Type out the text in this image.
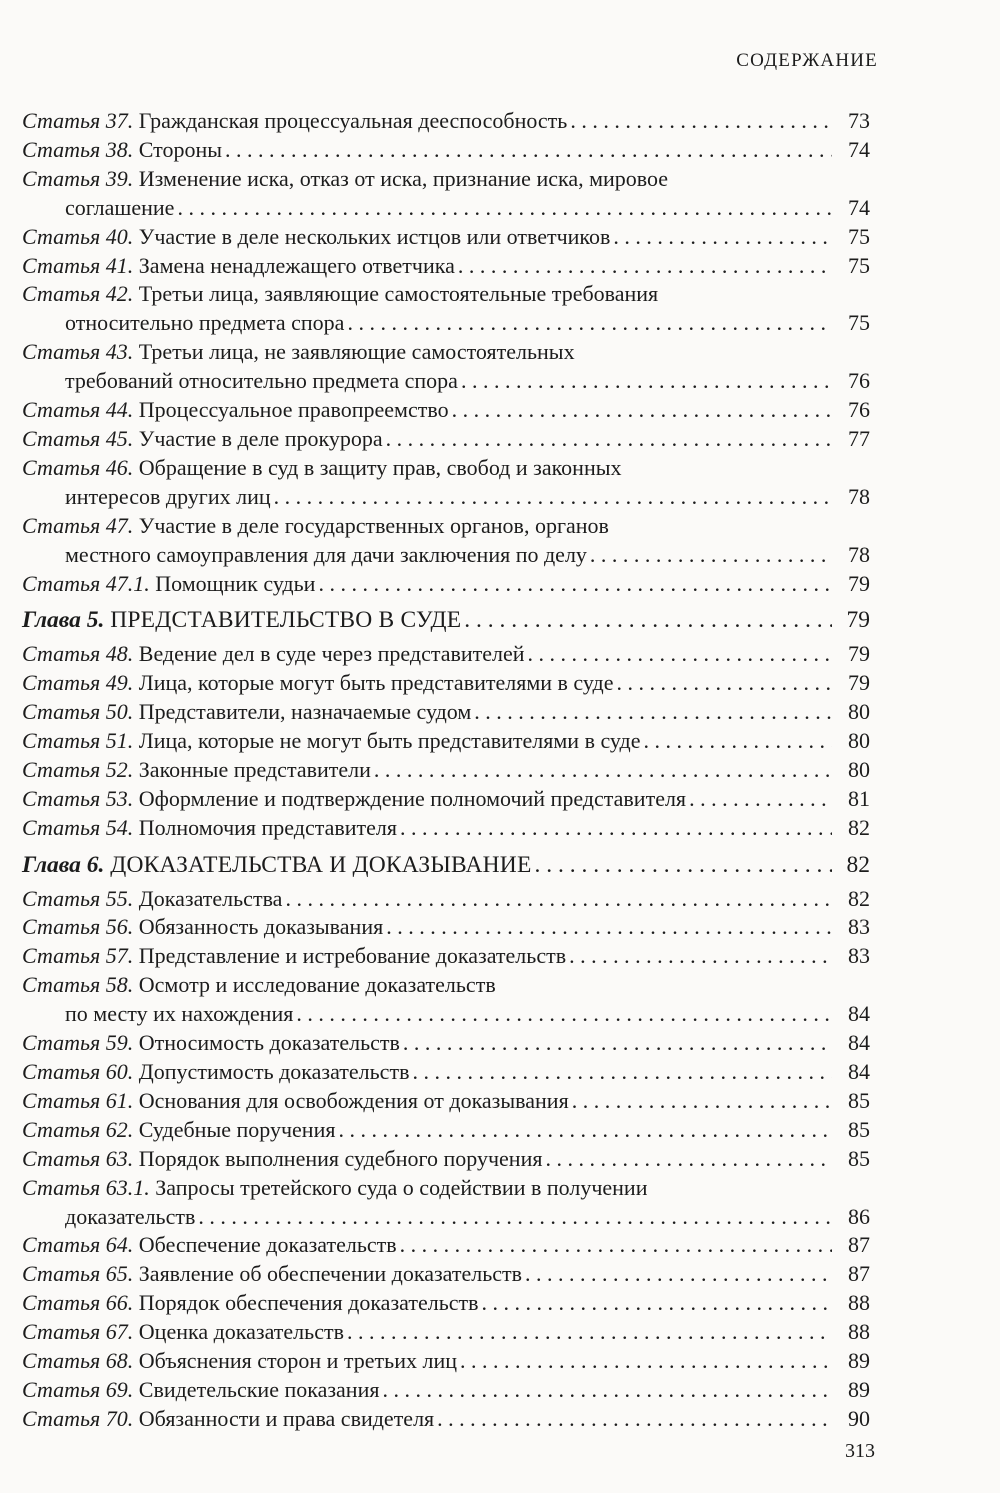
СОДЕРЖАНИЕ
Статья 37. Гражданская процессуальная дееспособность . . .	73
Статья 38. Стороны . . .	74
Статья 39. Изменение иска, отказ от иска, признание иска, мировое
соглашение . . .	74
Статья 40. Участие в деле нескольких истцов или ответчиков . . .	75
Статья 41. Замена ненадлежащего ответчика . . .	75
Статья 42. Третьи лица, заявляющие самостоятельные требования
относительно предмета спора . . .	75
Статья 43. Третьи лица, не заявляющие самостоятельных
требований относительно предмета спора . . .	76
Статья 44. Процессуальное правопреемство . . .	76
Статья 45. Участие в деле прокурора . . .	77
Статья 46. Обращение в суд в защиту прав, свобод и законных
интересов других лиц . . .	78
Статья 47. Участие в деле государственных органов, органов
местного самоуправления для дачи заключения по делу . . .	78
Статья 47.1. Помощник судьи . . .	79
Глава 5. ПРЕДСТАВИТЕЛЬСТВО В СУДЕ . . .	79
Статья 48. Ведение дел в суде через представителей . . .	79
Статья 49. Лица, которые могут быть представителями в суде . . .	79
Статья 50. Представители, назначаемые судом . . .	80
Статья 51. Лица, которые не могут быть представителями в суде . . .	80
Статья 52. Законные представители . . .	80
Статья 53. Оформление и подтверждение полномочий представителя . . .	81
Статья 54. Полномочия представителя . . .	82
Глава 6. ДОКАЗАТЕЛЬСТВА И ДОКАЗЫВАНИЕ . . .	82
Статья 55. Доказательства . . .	82
Статья 56. Обязанность доказывания . . .	83
Статья 57. Представление и истребование доказательств . . .	83
Статья 58. Осмотр и исследование доказательств
по месту их нахождения . . .	84
Статья 59. Относимость доказательств . . .	84
Статья 60. Допустимость доказательств . . .	84
Статья 61. Основания для освобождения от доказывания . . .	85
Статья 62. Судебные поручения . . .	85
Статья 63. Порядок выполнения судебного поручения . . .	85
Статья 63.1. Запросы третейского суда о содействии в получении
доказательств . . .	86
Статья 64. Обеспечение доказательств . . .	87
Статья 65. Заявление об обеспечении доказательств . . .	87
Статья 66. Порядок обеспечения доказательств . . .	88
Статья 67. Оценка доказательств . . .	88
Статья 68. Объяснения сторон и третьих лиц . . .	89
Статья 69. Свидетельские показания . . .	89
Статья 70. Обязанности и права свидетеля . . .	90
313
